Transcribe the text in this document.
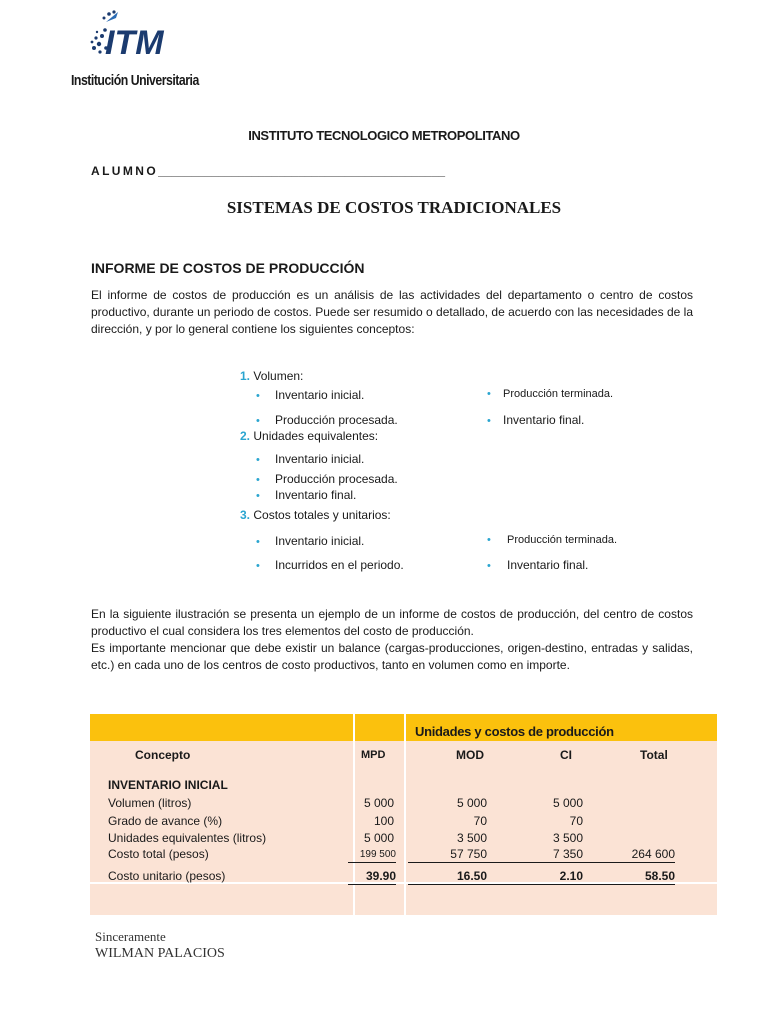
ITM
Institución Universitaria
INSTITUTO TECNOLOGICO METROPOLITANO
ALUMNO___________________________________________
SISTEMAS DE COSTOS TRADICIONALES
INFORME DE COSTOS DE PRODUCCIÓN
El informe de costos de producción es un análisis de las actividades del departamento o centro de costos productivo, durante un periodo de costos. Puede ser resumido o detallado, de acuerdo con las necesidades de la dirección, y por lo general contiene los siguientes conceptos:
1. Volumen:
• Inventario inicial.
• Producción procesada.
• Producción terminada.
• Inventario final.
2. Unidades equivalentes:
• Inventario inicial.
• Producción procesada.
• Inventario final.
3. Costos totales y unitarios:
• Inventario inicial.
• Incurridos en el periodo.
• Producción terminada.
• Inventario final.
En la siguiente ilustración se presenta un ejemplo de un informe de costos de producción, del centro de costos productivo el cual considera los tres elementos del costo de producción.
Es importante mencionar que debe existir un balance (cargas-producciones, origen-destino, entradas y salidas, etc.) en cada uno de los centros de costo productivos, tanto en volumen como en importe.
Unidades y costos de producción
Concepto	MPD	MOD	CI	Total
INVENTARIO INICIAL
Volumen (litros)	5 000	5 000	5 000
Grado de avance (%)	100	70	70
Unidades equivalentes (litros)	5 000	3 500	3 500
Costo total (pesos)	199 500	57 750	7 350	264 600
Costo unitario (pesos)	39.90	16.50	2.10	58.50
Sinceramente
WILMAN PALACIOS
